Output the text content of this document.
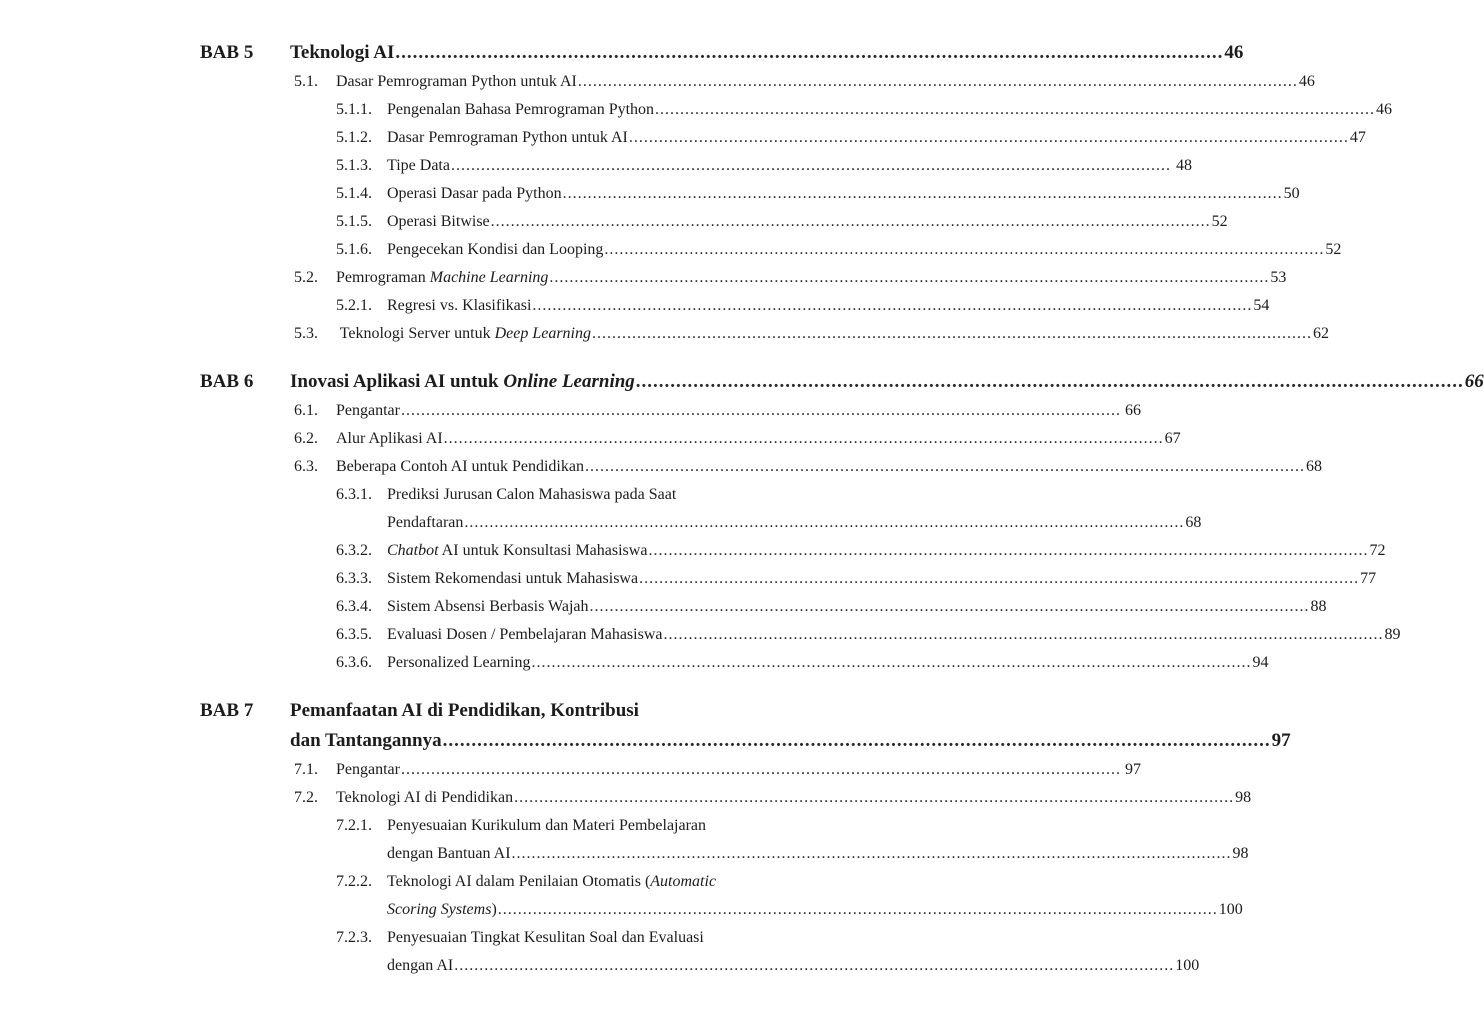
BAB 5	Teknologi AI .....	46
5.1. Dasar Pemrograman Python untuk AI .....	46
5.1.1. Pengenalan Bahasa Pemrograman Python .....	46
5.1.2. Dasar Pemrograman Python untuk AI .....	47
5.1.3. Tipe Data .....	48
5.1.4. Operasi Dasar pada Python .....	50
5.1.5. Operasi Bitwise .....	52
5.1.6. Pengecekan Kondisi dan Looping .....	52
5.2. Pemrograman Machine Learning .....	53
5.2.1. Regresi vs. Klasifikasi .....	54
5.3. Teknologi Server untuk Deep Learning .....	62
BAB 6	Inovasi Aplikasi AI untuk Online Learning .....	66
6.1. Pengantar .....	66
6.2. Alur Aplikasi AI .....	67
6.3. Beberapa Contoh AI untuk Pendidikan .....	68
6.3.1. Prediksi Jurusan Calon Mahasiswa pada Saat
Pendaftaran .....	68
6.3.2. Chatbot AI untuk Konsultasi Mahasiswa .....	72
6.3.3. Sistem Rekomendasi untuk Mahasiswa .....	77
6.3.4. Sistem Absensi Berbasis Wajah .....	88
6.3.5. Evaluasi Dosen / Pembelajaran Mahasiswa .....	89
6.3.6. Personalized Learning .....	94
BAB 7	Pemanfaatan AI di Pendidikan, Kontribusi
dan Tantangannya .....	97
7.1. Pengantar .....	97
7.2. Teknologi AI di Pendidikan .....	98
7.2.1. Penyesuaian Kurikulum dan Materi Pembelajaran
dengan Bantuan AI .....	98
7.2.2. Teknologi AI dalam Penilaian Otomatis (Automatic
Scoring Systems) .....	100
7.2.3. Penyesuaian Tingkat Kesulitan Soal dan Evaluasi
dengan AI .....	100
